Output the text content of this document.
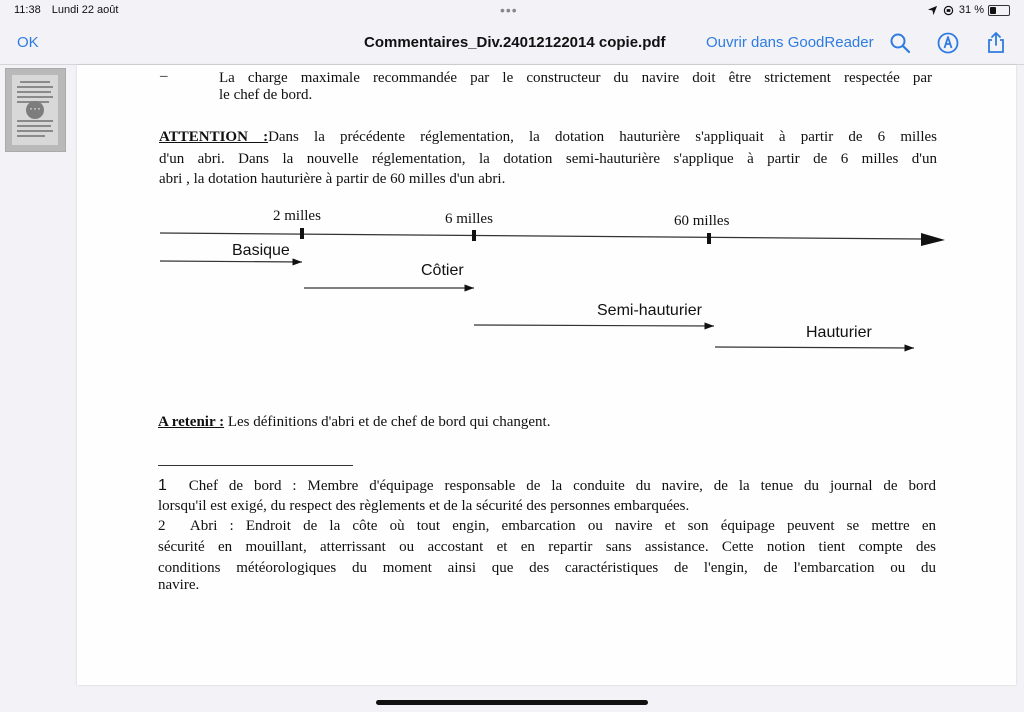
11:38 Lundi 22 août	•••	31 %
OK	Commentaires_Div.24012122014 copie.pdf	Ouvrir dans GoodReader
···
–	La charge maximale recommandée par le constructeur du navire doit être strictement respectée par
le chef de bord.
ATTENTION :Dans la précédente réglementation, la dotation hauturière s'appliquait à partir de 6 milles
d'un abri. Dans la nouvelle réglementation, la dotation semi-hauturière s'applique à partir de 6 milles d'un
abri , la dotation hauturière à partir de 60 milles d'un abri.
2 milles	6 milles	60 milles
Basique
Côtier
Semi-hauturier
Hauturier
A retenir : Les définitions d'abri et de chef de bord qui changent.
1 Chef de bord : Membre d'équipage responsable de la conduite du navire, de la tenue du journal de bord
lorsqu'il est exigé, du respect des règlements et de la sécurité des personnes embarquées.
2 Abri : Endroit de la côte où tout engin, embarcation ou navire et son équipage peuvent se mettre en
sécurité en mouillant, atterrissant ou accostant et en repartir sans assistance. Cette notion tient compte des
conditions météorologiques du moment ainsi que des caractéristiques de l'engin, de l'embarcation ou du
navire.
